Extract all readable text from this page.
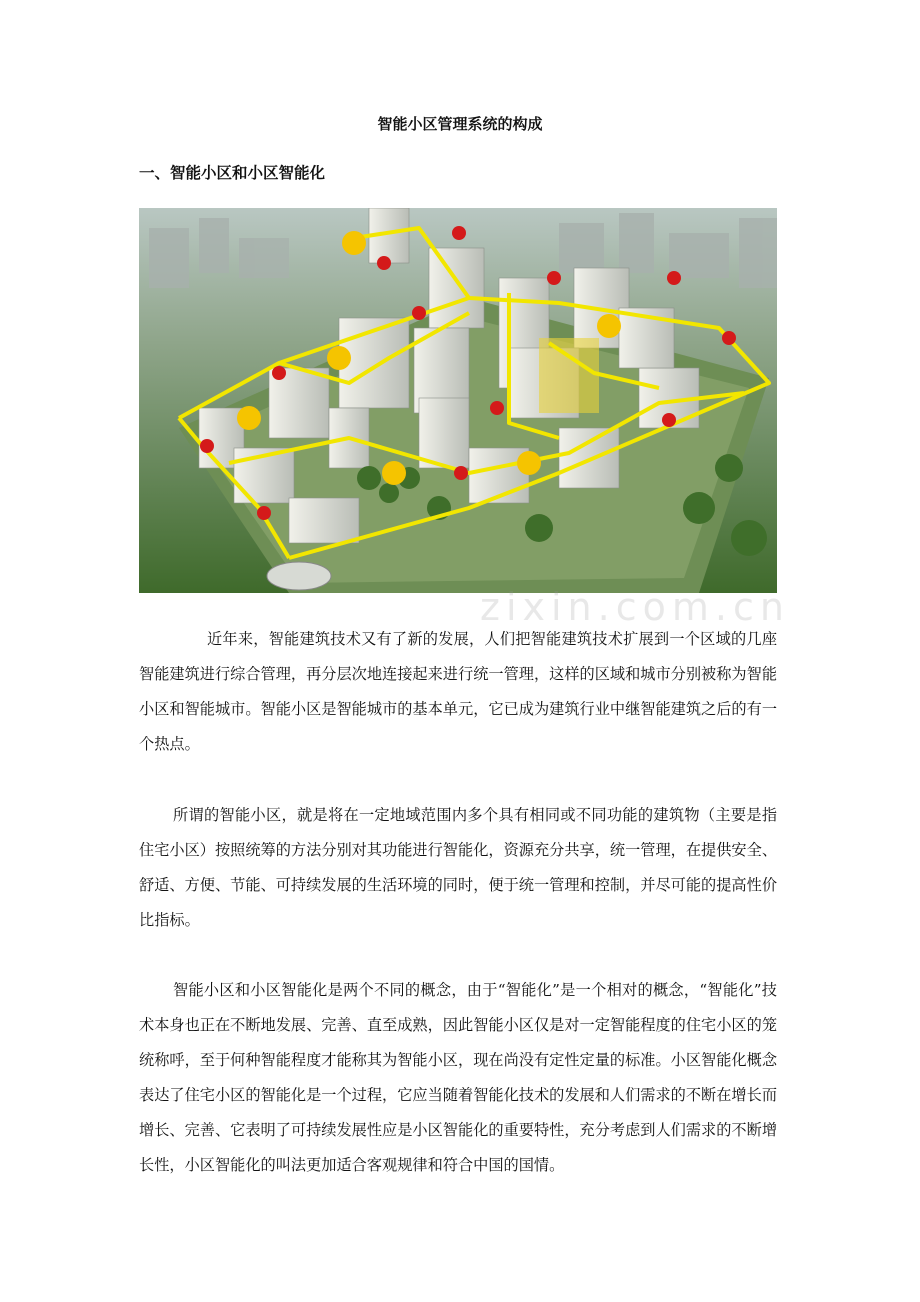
智能小区管理系统的构成
一、智能小区和小区智能化
zixin.com.cn

近年来，智能建筑技术又有了新的发展，人们把智能建筑技术扩展到一个区域的几座智能建筑进行综合管理，再分层次地连接起来进行统一管理，这样的区域和城市分别被称为智能小区和智能城市。智能小区是智能城市的基本单元，它已成为建筑行业中继智能建筑之后的有一个热点。

所谓的智能小区，就是将在一定地域范围内多个具有相同或不同功能的建筑物（主要是指住宅小区）按照统筹的方法分别对其功能进行智能化，资源充分共享，统一管理，在提供安全、舒适、方便、节能、可持续发展的生活环境的同时，便于统一管理和控制，并尽可能的提高性价比指标。

智能小区和小区智能化是两个不同的概念，由于“智能化”是一个相对的概念，“智能化”技术本身也正在不断地发展、完善、直至成熟，因此智能小区仅是对一定智能程度的住宅小区的笼统称呼，至于何种智能程度才能称其为智能小区，现在尚没有定性定量的标准。小区智能化概念表达了住宅小区的智能化是一个过程，它应当随着智能化技术的发展和人们需求的不断在增长而增长、完善、它表明了可持续发展性应是小区智能化的重要特性，充分考虑到人们需求的不断增长性，小区智能化的叫法更加适合客观规律和符合中国的国情。
